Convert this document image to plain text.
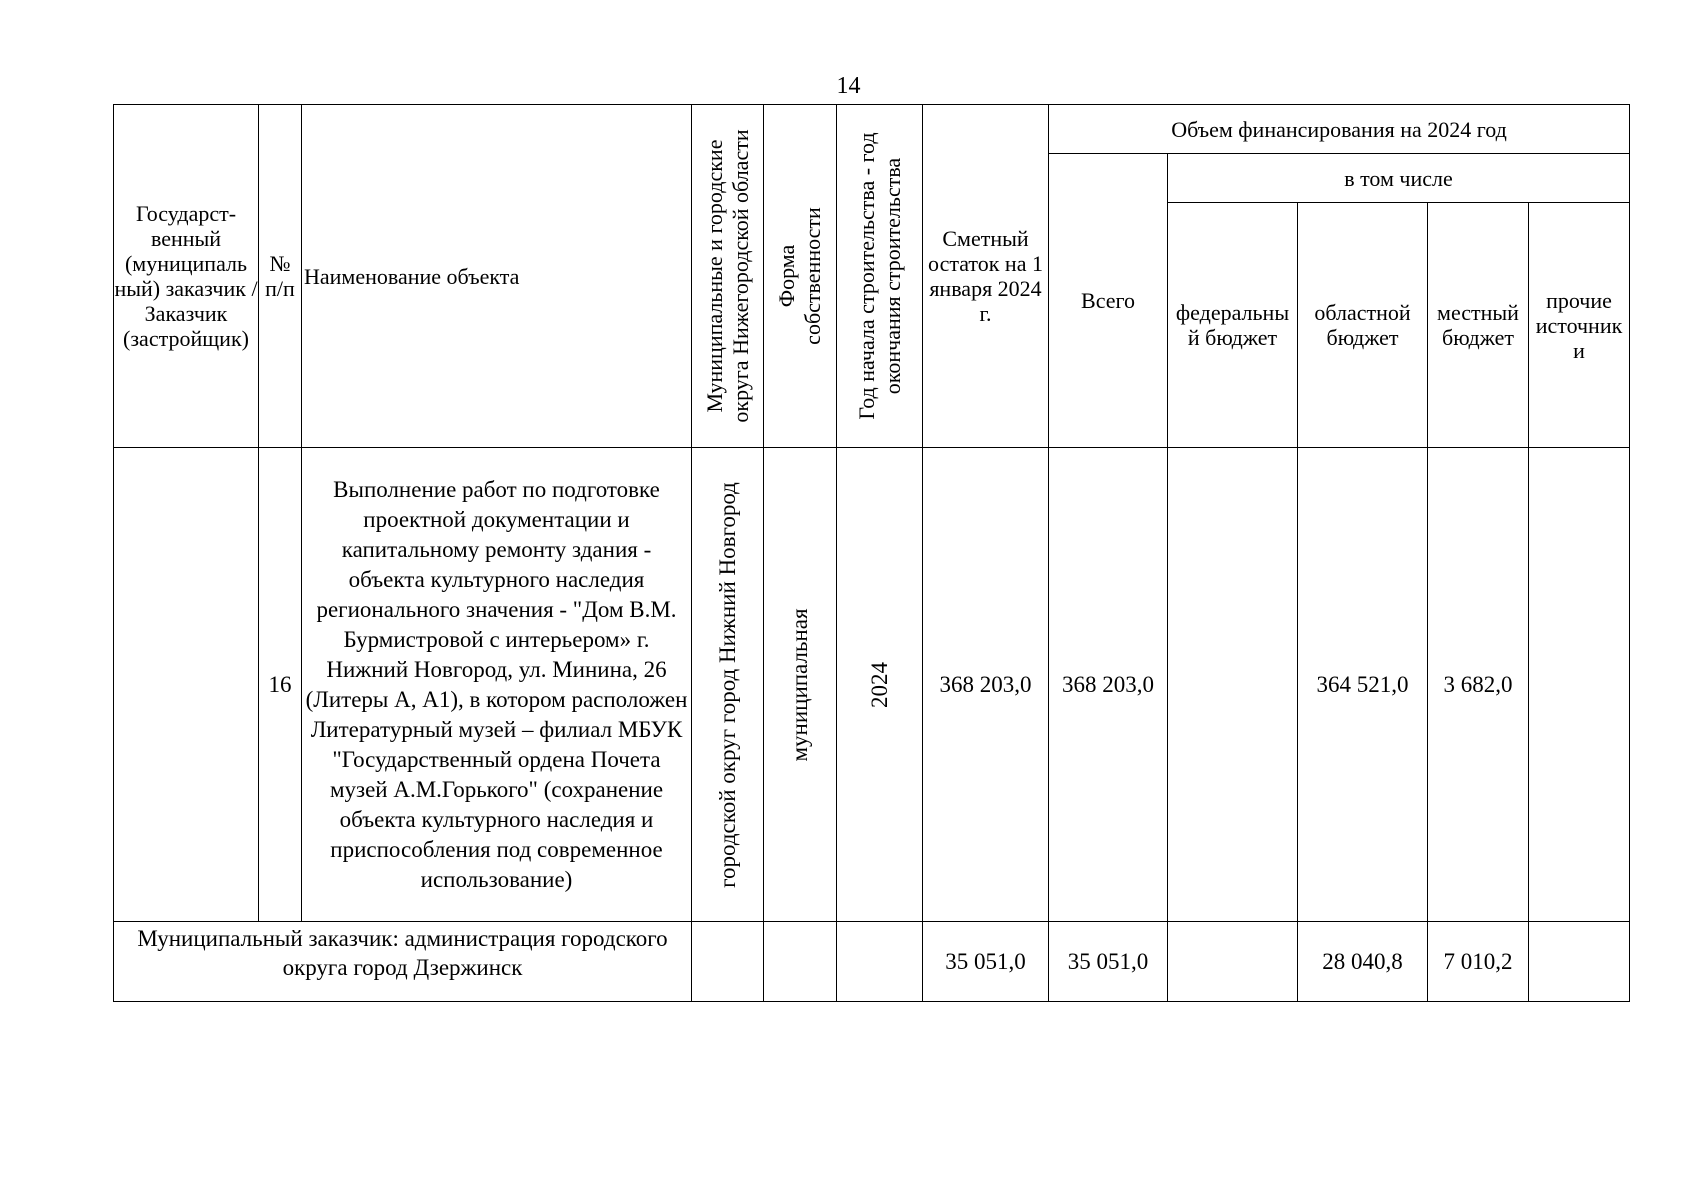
14
Государст-венный (муниципаль ный) заказчик / Заказчик (застройщик)	№ п/п	Наименование объекта	Муниципальные и городские округа Нижегородской области	Форма собственности	Год начала строительства - год окончания строительства	Сметный остаток на 1 января 2024 г.	Объем финансирования на 2024 год				
							Всего	в том числе			
								федеральны й бюджет	областной бюджет	местный бюджет	прочие источник и
	16	Выполнение работ по подготовке проектной документации и капитальному ремонту здания - объекта культурного наследия регионального значения - "Дом В.М. Бурмистровой с интерьером» г. Нижний Новгород, ул. Минина, 26 (Литеры А, А1), в котором расположен Литературный музей – филиал МБУК "Государственный ордена Почета музей А.М.Горького" (сохранение объекта культурного наследия и приспособления под современное использование)	городской округ город Нижний Новгород	муниципальная	2024	368 203,0	368 203,0		364 521,0	3 682,0	
Муниципальный заказчик: администрация городского округа город Дзержинск						35 051,0	35 051,0		28 040,8	7 010,2	
